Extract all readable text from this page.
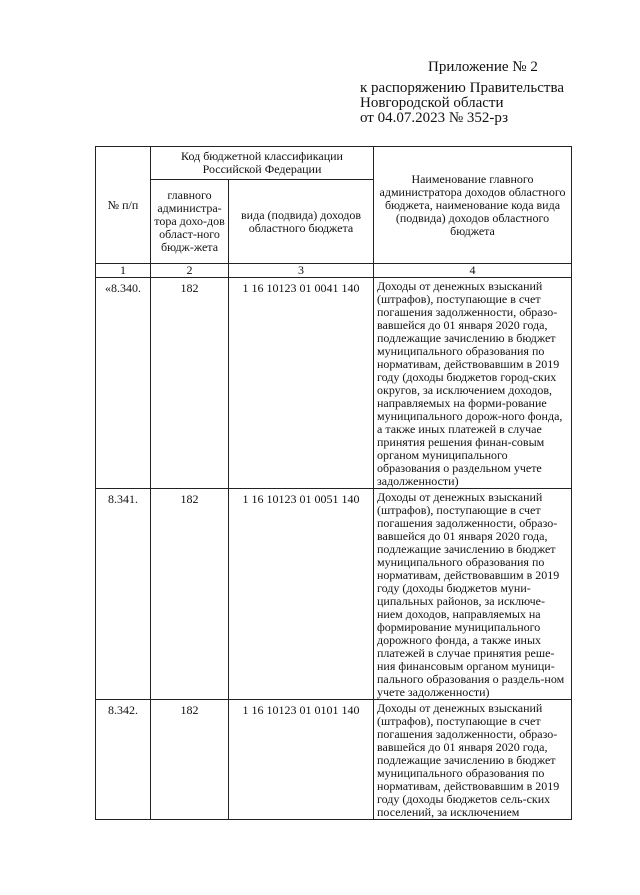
Приложение № 2
к распоряжению Правительства
Новгородской области
от 04.07.2023 № 352-рз
№ п/п	Код бюджетной классификации Российской Федерации		Наименование главного администратора доходов областного бюджета, наименование кода вида (подвида) доходов областного бюджета
	главного администра-тора дохо-дов област-ного бюдж-жета	вида (подвида) доходов областного бюджета	
1	2	3	4
«8.340.	182	1 16 10123 01 0041 140	Доходы от денежных взысканий (штрафов), поступающие в счет погашения задолженности, образо-вавшейся до 01 января 2020 года, подлежащие зачислению в бюджет муниципального образования по нормативам, действовавшим в 2019 году (доходы бюджетов город-ских округов, за исключением доходов, направляемых на форми-рование муниципального дорож-ного фонда, а также иных платежей в случае принятия решения финан-совым органом муниципального образования о раздельном учете задолженности)
8.341.	182	1 16 10123 01 0051 140	Доходы от денежных взысканий (штрафов), поступающие в счет погашения задолженности, образо-вавшейся до 01 января 2020 года, подлежащие зачислению в бюджет муниципального образования по нормативам, действовавшим в 2019 году (доходы бюджетов муни-ципальных районов, за исключе-нием доходов, направляемых на формирование муниципального дорожного фонда, а также иных платежей в случае принятия реше-ния финансовым органом муници-пального образования о раздель-ном учете задолженности)
8.342.	182	1 16 10123 01 0101 140	Доходы от денежных взысканий (штрафов), поступающие в счет погашения задолженности, образо-вавшейся до 01 января 2020 года, подлежащие зачислению в бюджет муниципального образования по нормативам, действовавшим в 2019 году (доходы бюджетов сель-ских поселений, за исключением
